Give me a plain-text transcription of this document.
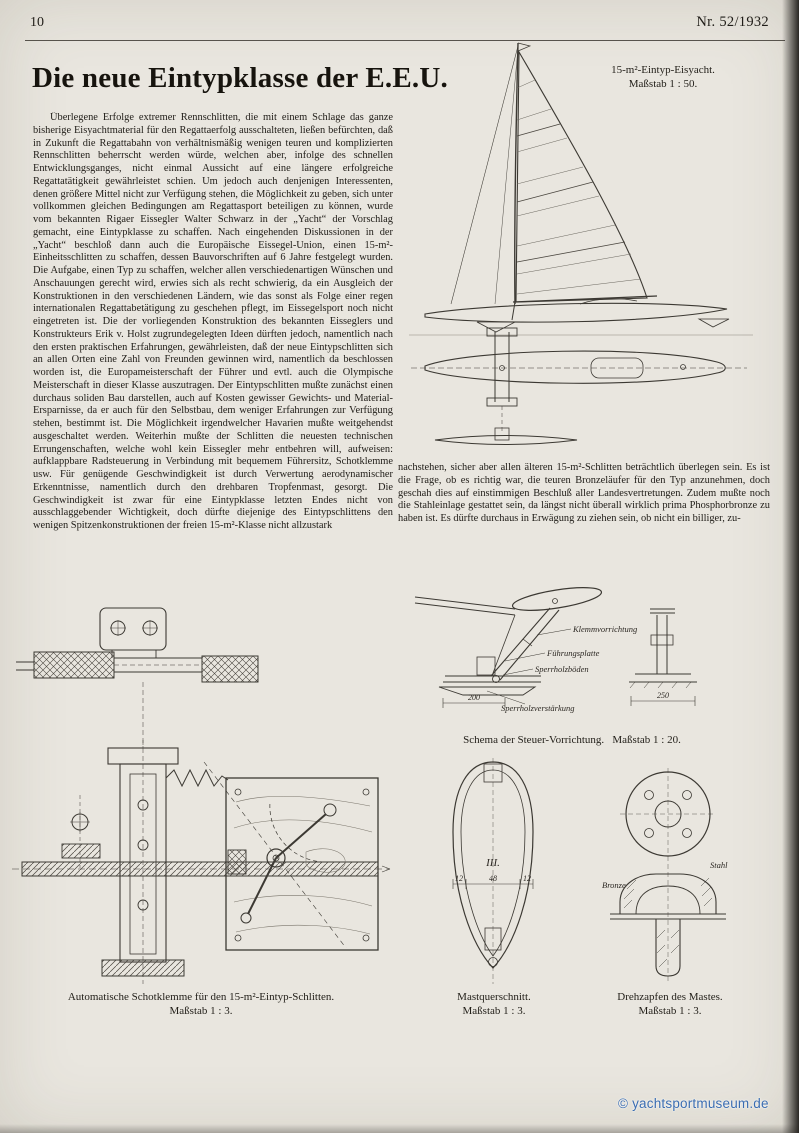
10	Nr. 52/1932
Die neue Eintypklasse der E.E.U.
Überlegene Erfolge extremer Rennschlitten, die mit einem Schlage das ganze bisherige Eisyachtmaterial für den Regattaerfolg ausschalteten, ließen befürchten, daß in Zukunft die Regattabahn von verhältnismäßig wenigen teuren und komplizierten Rennschlitten beherrscht werden würde, welchen aber, infolge des schnellen Entwicklungsganges, nicht einmal Aussicht auf eine längere erfolgreiche Regattatätigkeit gewährleistet schien. Um jedoch auch denjenigen Interessenten, denen größere Mittel nicht zur Verfügung stehen, die Möglichkeit zu geben, sich unter vollkommen gleichen Bedingungen am Regattasport beteiligen zu können, wurde vom bekannten Rigaer Eissegler Walter Schwarz in der „Yacht“ der Vorschlag gemacht, eine Eintypklasse zu schaffen. Nach eingehenden Diskussionen in der „Yacht“ beschloß dann auch die Europäische Eissegel-Union, einen 15-m²-Einheitsschlitten zu schaffen, dessen Bauvorschriften auf 6 Jahre festgelegt wurden. Die Aufgabe, einen Typ zu schaffen, welcher allen verschiedenartigen Wünschen und Anschauungen gerecht wird, erwies sich als recht schwierig, da ein Ausgleich der Konstruktionen in den verschiedenen Ländern, wie das sonst als Folge einer regen internationalen Regattabetätigung zu geschehen pflegt, im Eissegelsport noch nicht eingetreten ist. Die der vorliegenden Konstruktion des bekannten Eisseglers und Konstrukteurs Erik v. Holst zugrundegelegten Ideen dürften jedoch, namentlich nach den ersten praktischen Erfahrungen, gewährleisten, daß der neue Eintypschlitten sich an allen Orten eine Zahl von Freunden gewinnen wird, namentlich da beschlossen worden ist, die Europameisterschaft der Führer und evtl. auch die Olympische Meisterschaft in dieser Klasse auszutragen. Der Eintypschlitten mußte zunächst einen durchaus soliden Bau darstellen, auch auf Kosten gewisser Gewichts- und Material-Ersparnisse, da er auch für den Selbstbau, dem weniger Erfahrungen zur Verfügung stehen, bestimmt ist. Die Möglichkeit irgendwelcher Havarien mußte weitgehendst ausgeschaltet werden. Weiterhin mußte der Schlitten die neuesten technischen Errungenschaften, welche wohl kein Eissegler mehr entbehren will, aufweisen: aufklappbare Radsteuerung in Verbindung mit bequemem Führersitz, Schotklemme usw. Für genügende Geschwindigkeit ist durch Verwertung aerodynamischer Erkenntnisse, namentlich durch den drehbaren Tropfenmast, gesorgt. Die Geschwindigkeit ist zwar für eine Eintypklasse letzten Endes nicht von ausschlaggebender Wichtigkeit, doch dürfte diejenige des Eintypschlittens den wenigen Spitzenkonstruktionen der freien 15-m²-Klasse nicht allzustark
nachstehen, sicher aber allen älteren 15-m²-Schlitten beträchtlich überlegen sein. Es ist die Frage, ob es richtig war, die teuren Bronzeläufer für den Typ anzunehmen, doch geschah dies auf einstimmigen Beschluß aller Landesvertretungen. Zudem mußte noch die Stahleinlage gestattet sein, da längst nicht überall wirklich prima Phosphorbronze zu haben ist. Es dürfte durchaus in Erwägung zu ziehen sein, ob nicht ein billiger, zu-
15-m²-Eintyp-Eisyacht.
Maßstab 1 : 50.
200	250
Klemmvorrichtung
Führungsplatte
Sperrholzböden
Sperrholzverstärkung
Schema der Steuer-Vorrichtung.   Maßstab 1 : 20.
Automatische Schotklemme für den 15-m²-Eintyp-Schlitten.
Maßstab 1 : 3.
III.
12	48	12
Mastquerschnitt.
Maßstab 1 : 3.
Bronze
Stahl
Drehzapfen des Mastes.
Maßstab 1 : 3.
© yachtsportmuseum.de
